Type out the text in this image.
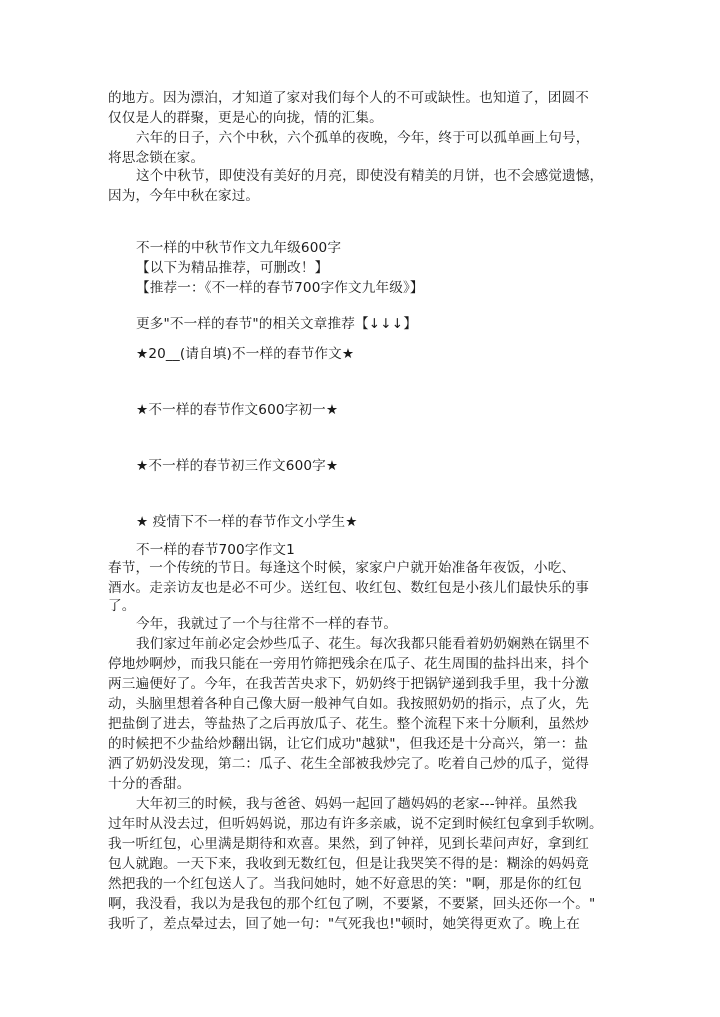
的地方。因为漂泊，才知道了家对我们每个人的不可或缺性。也知道了，团圆不
仅仅是人的群聚，更是心的向拢，情的汇集。
六年的日子，六个中秋，六个孤单的夜晚，今年，终于可以孤单画上句号，
将思念锁在家。
这个中秋节，即使没有美好的月亮，即使没有精美的月饼，也不会感觉遗憾，
因为，今年中秋在家过。
不一样的中秋节作文九年级600字
【以下为精品推荐，可删改！】
【推荐一：《不一样的春节700字作文九年级》】
更多"不一样的春节"的相关文章推荐【↓↓↓】
★20__(请自填)不一样的春节作文★
★不一样的春节作文600字初一★
★不一样的春节初三作文600字★
★ 疫情下不一样的春节作文小学生★
不一样的春节700字作文1
春节，一个传统的节日。每逢这个时候，家家户户就开始准备年夜饭，小吃、
酒水。走亲访友也是必不可少。送红包、收红包、数红包是小孩儿们最快乐的事
了。
今年，我就过了一个与往常不一样的春节。
我们家过年前必定会炒些瓜子、花生。每次我都只能看着奶奶娴熟在锅里不
停地炒啊炒，而我只能在一旁用竹筛把残余在瓜子、花生周围的盐抖出来，抖个
两三遍便好了。今年，在我苦苦央求下，奶奶终于把锅铲递到我手里，我十分激
动，头脑里想着各种自己像大厨一般神气自如。我按照奶奶的指示，点了火，先
把盐倒了进去，等盐热了之后再放瓜子、花生。整个流程下来十分顺利，虽然炒
的时候把不少盐给炒翻出锅，让它们成功"越狱"，但我还是十分高兴，第一：盐
洒了奶奶没发现，第二：瓜子、花生全部被我炒完了。吃着自己炒的瓜子，觉得
十分的香甜。
大年初三的时候，我与爸爸、妈妈一起回了趟妈妈的老家---钟祥。虽然我
过年时从没去过，但听妈妈说，那边有许多亲戚，说不定到时候红包拿到手软咧。
我一听红包，心里满是期待和欢喜。果然，到了钟祥，见到长辈问声好，拿到红
包人就跑。一天下来，我收到无数红包，但是让我哭笑不得的是：糊涂的妈妈竟
然把我的一个红包送人了。当我问她时，她不好意思的笑："啊，那是你的红包
啊，我没看，我以为是我包的那个红包了咧，不要紧，不要紧，回头还你一个。"
我听了，差点晕过去，回了她一句："气死我也!"顿时，她笑得更欢了。晚上在
